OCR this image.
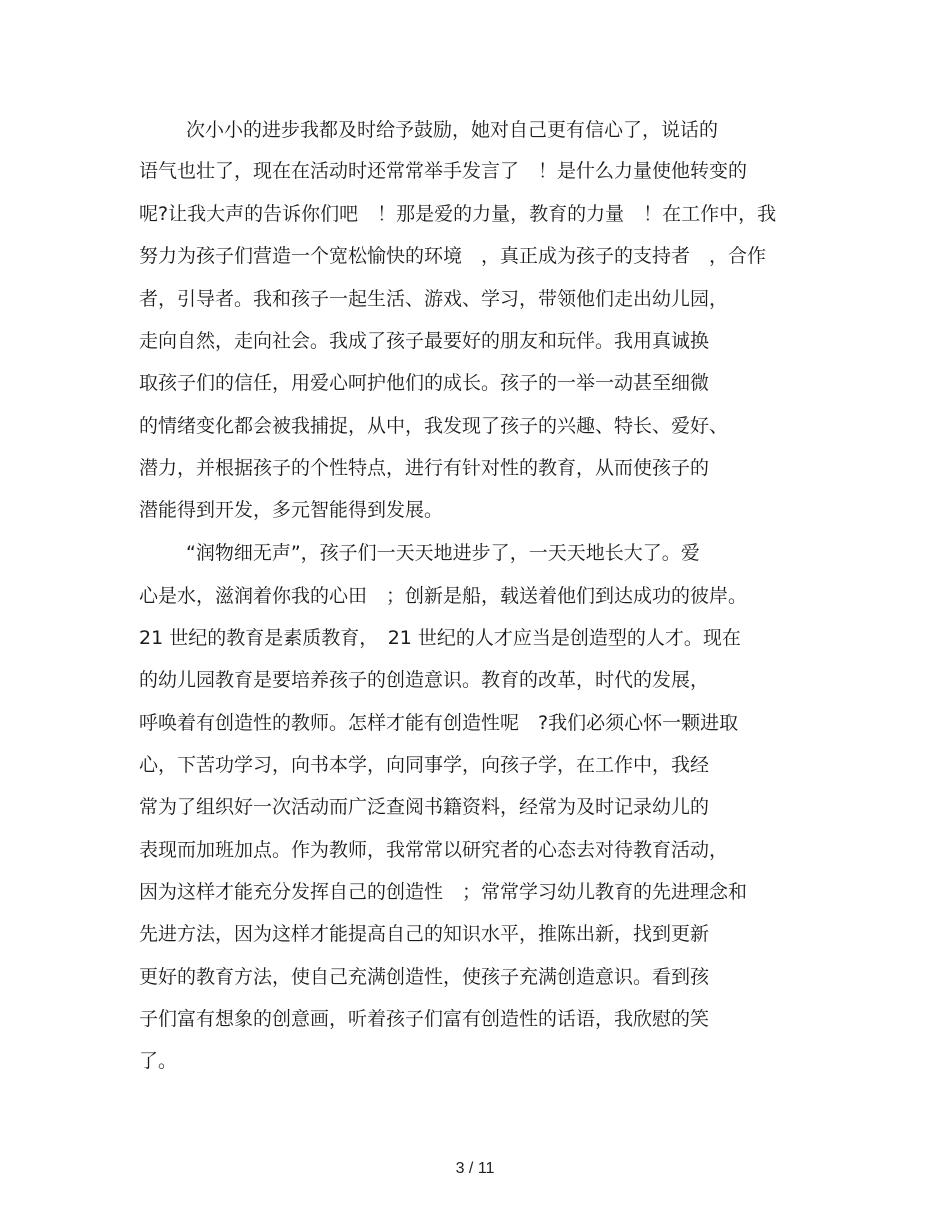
次小小的进步我都及时给予鼓励，她对自己更有信心了，说话的
语气也壮了，现在在活动时还常常举手发言了　！是什么力量使他转变的
呢?让我大声的告诉你们吧　！那是爱的力量，教育的力量　！在工作中，我
努力为孩子们营造一个宽松愉快的环境　，真正成为孩子的支持者　，合作
者，引导者。我和孩子一起生活、游戏、学习，带领他们走出幼儿园，
走向自然，走向社会。我成了孩子最要好的朋友和玩伴。我用真诚换
取孩子们的信任，用爱心呵护他们的成长。孩子的一举一动甚至细微
的情绪变化都会被我捕捉，从中，我发现了孩子的兴趣、特长、爱好、
潜力，并根据孩子的个性特点，进行有针对性的教育，从而使孩子的
潜能得到开发，多元智能得到发展。
“润物细无声”，孩子们一天天地进步了，一天天地长大了。爱
心是水，滋润着你我的心田　；创新是船，载送着他们到达成功的彼岸。
21 世纪的教育是素质教育，　21 世纪的人才应当是创造型的人才。现在
的幼儿园教育是要培养孩子的创造意识。教育的改革，时代的发展，
呼唤着有创造性的教师。怎样才能有创造性呢　?我们必须心怀一颗进取
心，下苦功学习，向书本学，向同事学，向孩子学，在工作中，我经
常为了组织好一次活动而广泛查阅书籍资料，经常为及时记录幼儿的
表现而加班加点。作为教师，我常常以研究者的心态去对待教育活动，
因为这样才能充分发挥自己的创造性　；常常学习幼儿教育的先进理念和
先进方法，因为这样才能提高自己的知识水平，推陈出新，找到更新
更好的教育方法，使自己充满创造性，使孩子充满创造意识。看到孩
子们富有想象的创意画，听着孩子们富有创造性的话语，我欣慰的笑
了。
3 / 11
